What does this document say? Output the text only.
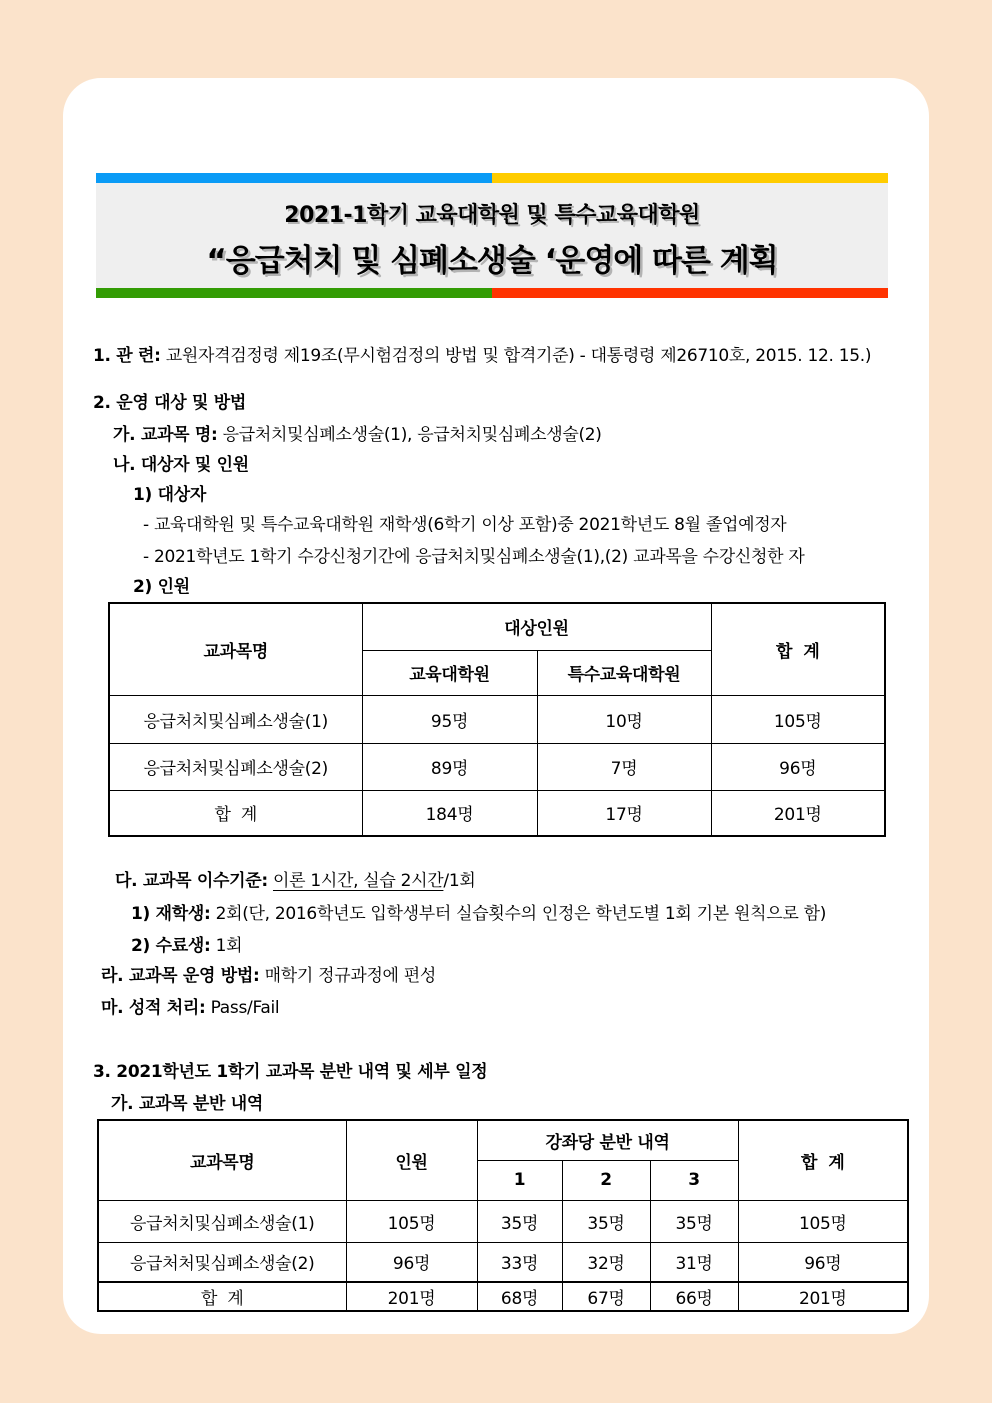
2021-1학기 교육대학원 및 특수교육대학원
“응급처치 및 심폐소생술 ‘운영에 따른 계획
1. 관 련: 교원자격검정령 제19조(무시험검정의 방법 및 합격기준) - 대통령령 제26710호, 2015. 12. 15.)
2. 운영 대상 및 방법
가. 교과목 명: 응급처치및심폐소생술(1), 응급처치및심폐소생술(2)
나. 대상자 및 인원
1) 대상자
- 교육대학원 및 특수교육대학원 재학생(6학기 이상 포함)중 2021학년도 8월 졸업예정자
- 2021학년도 1학기 수강신청기간에 응급처치및심폐소생술(1),(2) 교과목을 수강신청한 자
2) 인원
교과목명	대상인원		합  계
	교육대학원	특수교육대학원	
응급처치및심폐소생술(1)	95명	10명	105명
응급처처및심폐소생술(2)	89명	7명	96명
합  계	184명	17명	201명
다. 교과목 이수기준: 이론 1시간, 실습 2시간/1회
1) 재학생: 2회(단, 2016학년도 입학생부터 실습횟수의 인정은 학년도별 1회 기본 원칙으로 함)
2) 수료생: 1회
라. 교과목 운영 방법: 매학기 정규과정에 편성
마. 성적 처리: Pass/Fail
3. 2021학년도 1학기 교과목 분반 내역 및 세부 일정
가. 교과목 분반 내역
교과목명	인원	강좌당 분반 내역			합  계
		1	2	3	
응급처치및심폐소생술(1)	105명	35명	35명	35명	105명
응급처처및심폐소생술(2)	96명	33명	32명	31명	96명
합  계	201명	68명	67명	66명	201명
